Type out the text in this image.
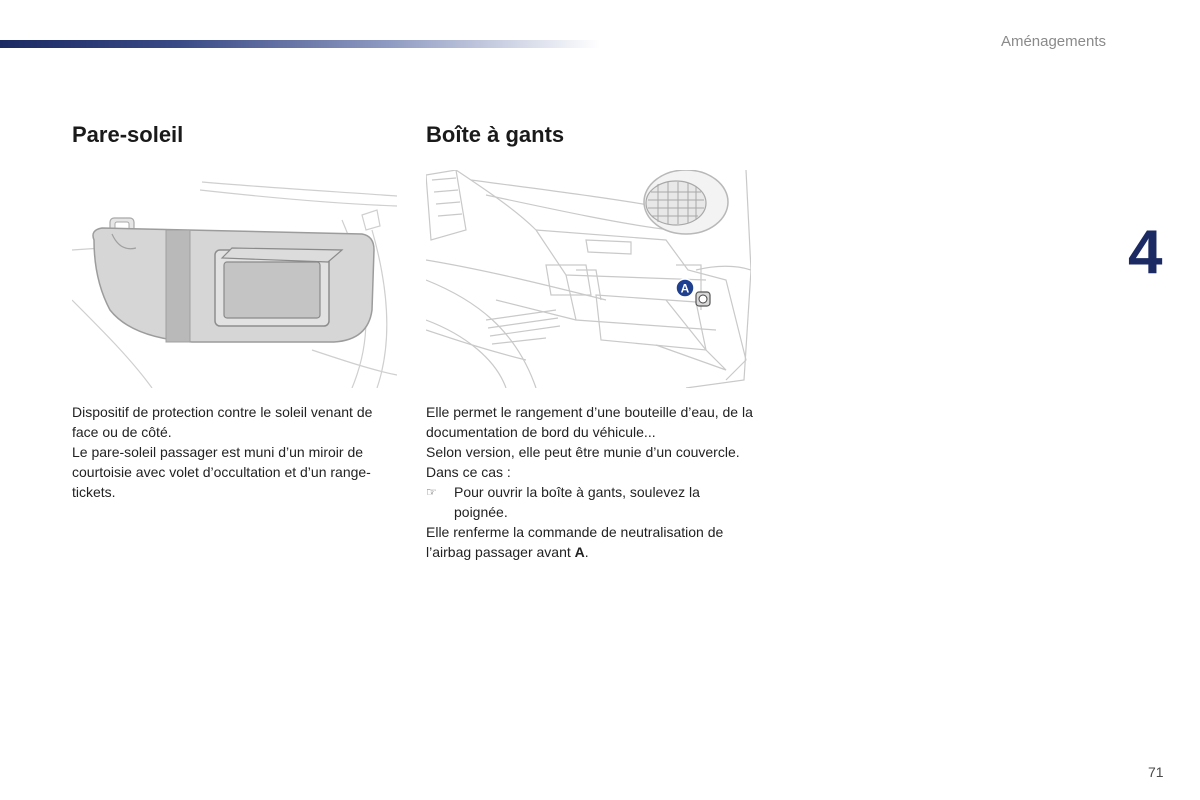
Aménagements
4
Pare-soleil

Dispositif de protection contre le soleil venant de face ou de côté.

Le pare-soleil passager est muni d’un miroir de courtoisie avec volet d’occultation et d’un range-tickets.

Boîte à gants
A

Elle permet le rangement d’une bouteille d’eau, de la documentation de bord du véhicule...

Selon version, elle peut être munie d’un couvercle. Dans ce cas :

☞	Pour ouvrir la boîte à gants, soulevez la poignée.

Elle renferme la commande de neutralisation de l’airbag passager avant A.

71
